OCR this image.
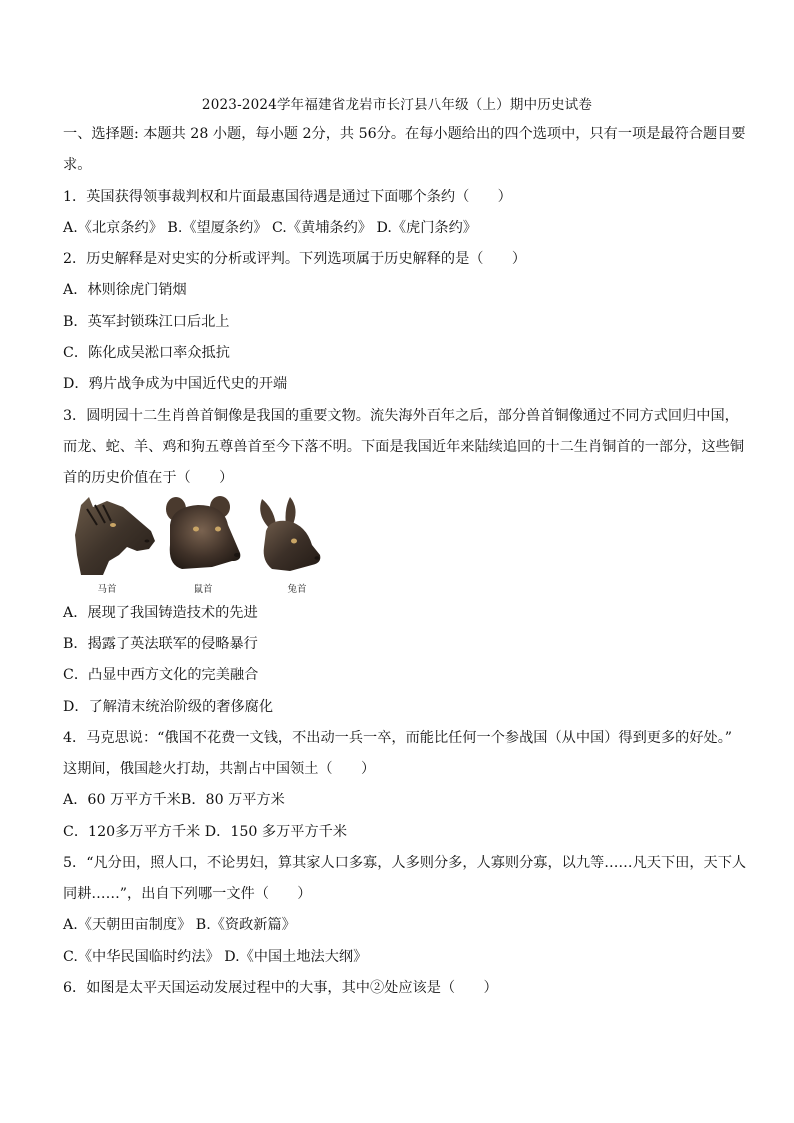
2023-2024学年福建省龙岩市长汀县八年级（上）期中历史试卷
一、选择题: 本题共 28 小题，每小题 2分，共 56分。在每小题给出的四个选项中，只有一项是最符合题目要
求。
1．英国获得领事裁判权和片面最惠国待遇是通过下面哪个条约（　　）
A.《北京条约》 B.《望厦条约》 C.《黄埔条约》 D.《虎门条约》
2．历史解释是对史实的分析或评判。下列选项属于历史解释的是（　　）
A．林则徐虎门销烟
B．英军封锁珠江口后北上
C．陈化成吴淞口率众抵抗
D．鸦片战争成为中国近代史的开端
3．圆明园十二生肖兽首铜像是我国的重要文物。流失海外百年之后，部分兽首铜像通过不同方式回归中国，
而龙、蛇、羊、鸡和狗五尊兽首至今下落不明。下面是我国近年来陆续追回的十二生肖铜首的一部分，这些铜
首的历史价值在于（　　）
马首	鼠首	兔首
A．展现了我国铸造技术的先进
B．揭露了英法联军的侵略暴行
C．凸显中西方文化的完美融合
D．了解清末统治阶级的奢侈腐化
4．马克思说：“俄国不花费一文钱，不出动一兵一卒，而能比任何一个参战国（从中国）得到更多的好处。”
这期间，俄国趁火打劫，共割占中国领土（　　）
A．60 万平方千米B．80 万平方米
C．120多万平方千米 D．150 多万平方千米
5．“凡分田，照人口，不论男妇，算其家人口多寡，人多则分多，人寡则分寡，以九等……凡天下田，天下人
同耕……”，出自下列哪一文件（　　）
A.《天朝田亩制度》 B.《资政新篇》
C.《中华民国临时约法》 D.《中国土地法大纲》
6．如图是太平天国运动发展过程中的大事，其中②处应该是（　　）
